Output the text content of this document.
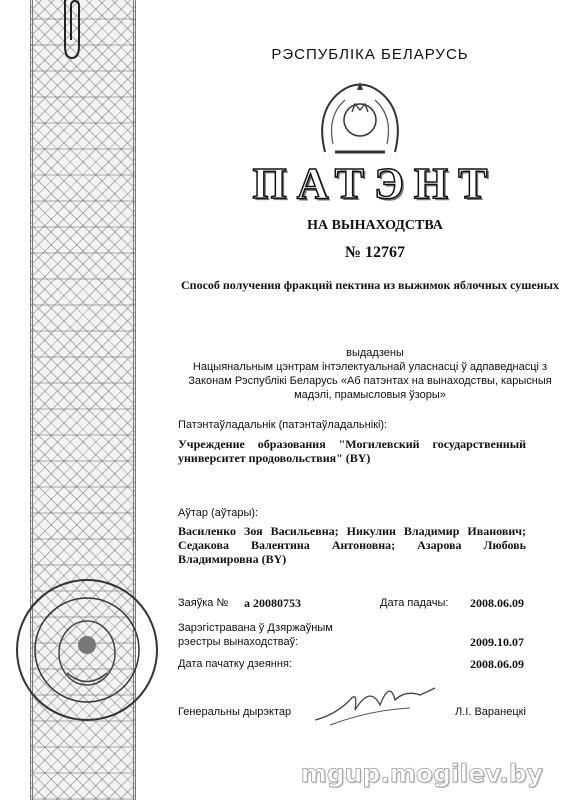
РЭСПУБЛІКА БЕЛАРУСЬ
ПАТЭНТ
НА ВЫНАХОДСТВА
№ 12767
Способ получения фракций пектина из выжимок яблочных сушеных
выдадзены
Нацыянальным цэнтрам інтэлектуальнай уласнасці ў адпаведнасці з Законам Рэспублікі Беларусь «Аб патэнтах на вынаходствы, карысныя мадэлі, прамысловыя ўзоры»
Патэнтаўладальнік (патэнтаўладальнікі):
Учреждение образования "Могилевский государственный университет продовольствия" (BY)
Аўтар (аўтары):
Василенко Зоя Васильевна; Никулин Владимир Иванович; Седакова Валентина Антоновна; Азарова Любовь Владимировна (BY)
Заяўка № a 20080753	Дата падачы: 2008.06.09
Зарэгістравана ў Дзяржаўным рэестры вынаходстваў:	2009.10.07
Дата пачатку дзеяння:	2008.06.09
Генеральны дырэктар	Л.І. Варанецкі
mgup.mogilev.by
